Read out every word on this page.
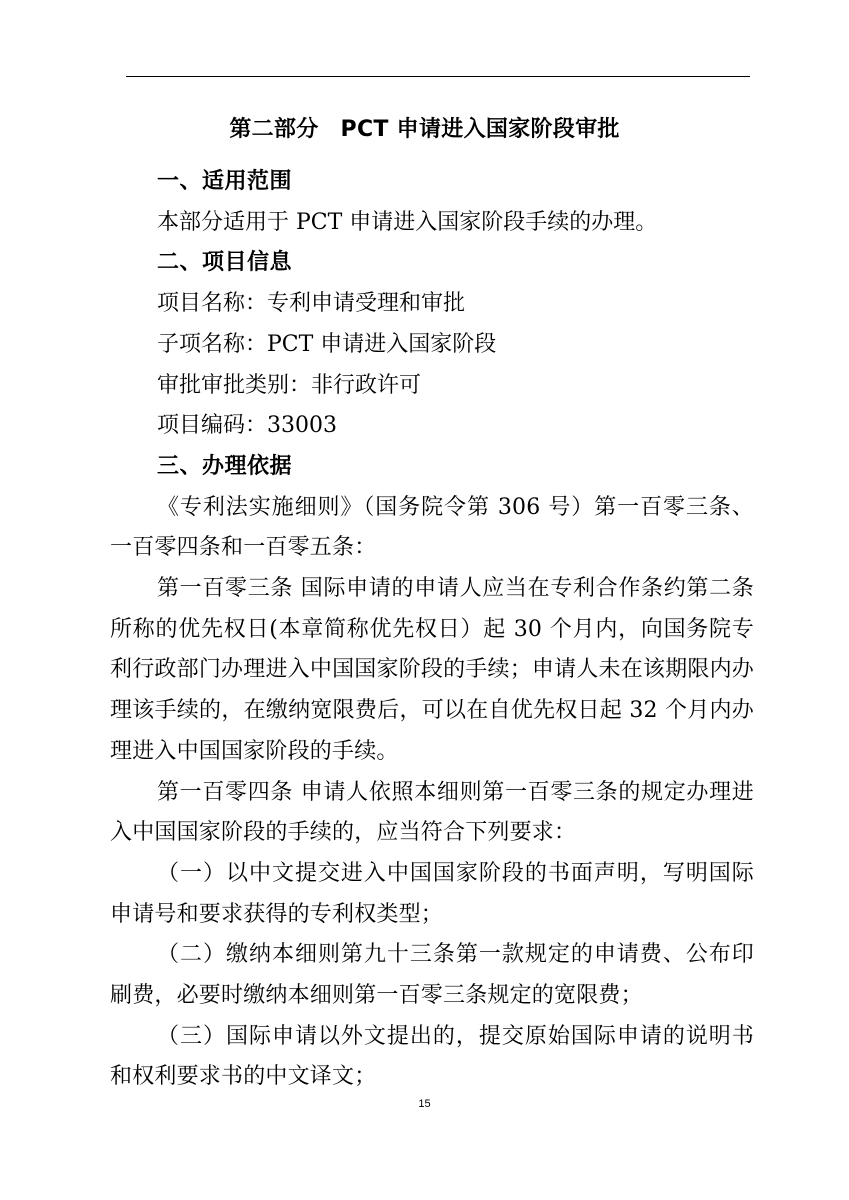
第二部分 PCT 申请进入国家阶段审批
一、适用范围
本部分适用于 PCT 申请进入国家阶段手续的办理。
二、项目信息
项目名称：专利申请受理和审批
子项名称：PCT 申请进入国家阶段
审批审批类别：非行政许可
项目编码：33003
三、办理依据

《专利法实施细则》（国务院令第 306 号）第一百零三条、一百零四条和一百零五条：

第一百零三条 国际申请的申请人应当在专利合作条约第二条所称的优先权日(本章简称优先权日）起 30 个月内，向国务院专利行政部门办理进入中国国家阶段的手续；申请人未在该期限内办理该手续的，在缴纳宽限费后，可以在自优先权日起 32 个月内办理进入中国国家阶段的手续。

第一百零四条 申请人依照本细则第一百零三条的规定办理进入中国国家阶段的手续的，应当符合下列要求：

（一）以中文提交进入中国国家阶段的书面声明，写明国际申请号和要求获得的专利权类型；

（二）缴纳本细则第九十三条第一款规定的申请费、公布印刷费，必要时缴纳本细则第一百零三条规定的宽限费；

（三）国际申请以外文提出的，提交原始国际申请的说明书和权利要求书的中文译文；

15
